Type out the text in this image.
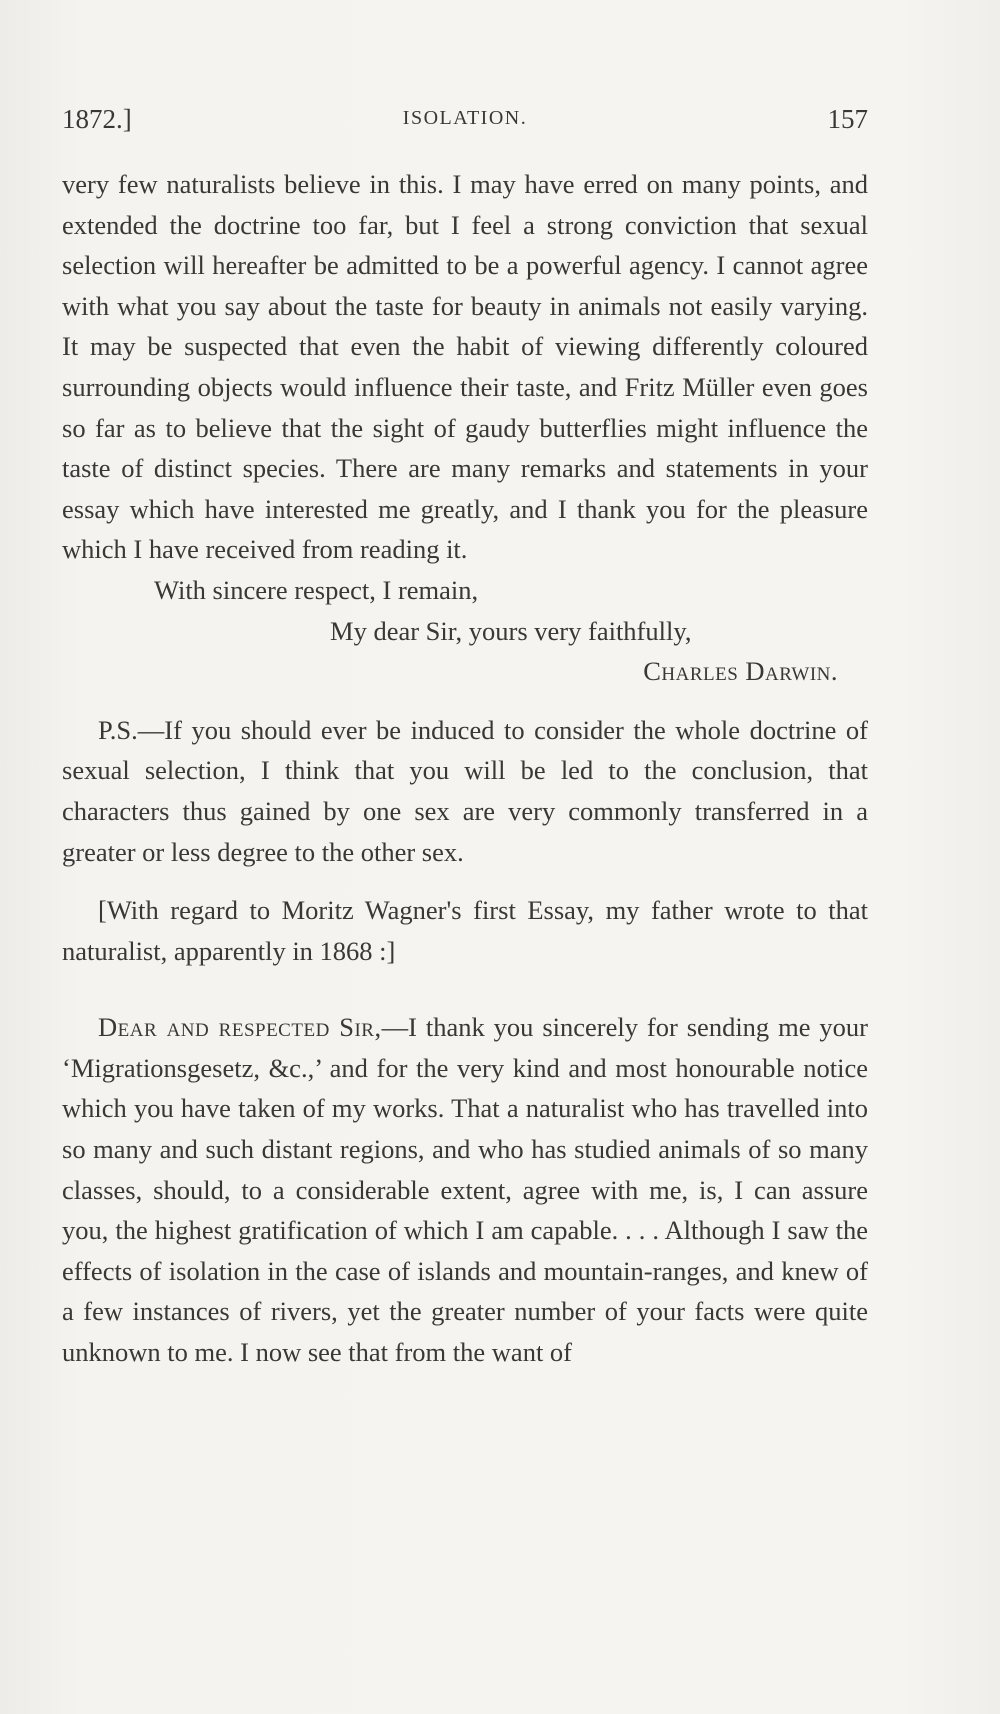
1872.]	ISOLATION.	157

very few naturalists believe in this. I may have erred on many points, and extended the doctrine too far, but I feel a strong conviction that sexual selection will hereafter be admitted to be a powerful agency. I cannot agree with what you say about the taste for beauty in animals not easily varying. It may be suspected that even the habit of viewing differently coloured surrounding objects would influence their taste, and Fritz Müller even goes so far as to believe that the sight of gaudy butterflies might influence the taste of distinct species. There are many remarks and statements in your essay which have interested me greatly, and I thank you for the pleasure which I have received from reading it.

With sincere respect, I remain,

My dear Sir, yours very faithfully,

Charles Darwin.

P.S.—If you should ever be induced to consider the whole doctrine of sexual selection, I think that you will be led to the conclusion, that characters thus gained by one sex are very commonly transferred in a greater or less degree to the other sex.

[With regard to Moritz Wagner's first Essay, my father wrote to that naturalist, apparently in 1868 :]

Dear and respected Sir,—I thank you sincerely for sending me your ‘Migrationsgesetz, &c.,’ and for the very kind and most honourable notice which you have taken of my works. That a naturalist who has travelled into so many and such distant regions, and who has studied animals of so many classes, should, to a considerable extent, agree with me, is, I can assure you, the highest gratification of which I am capable. . . . Although I saw the effects of isolation in the case of islands and mountain-ranges, and knew of a few instances of rivers, yet the greater number of your facts were quite unknown to me. I now see that from the want of
